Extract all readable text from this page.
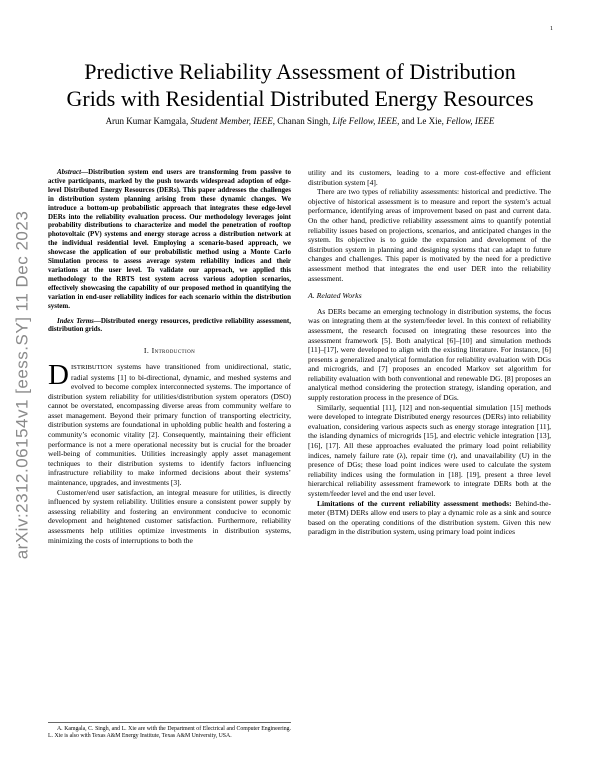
1
arXiv:2312.06154v1 [eess.SY] 11 Dec 2023
Predictive Reliability Assessment of Distribution
Grids with Residential Distributed Energy Resources
Arun Kumar Kamgala, Student Member, IEEE, Chanan Singh, Life Fellow, IEEE, and Le Xie, Fellow, IEEE

Abstract—Distribution system end users are transforming from passive to active participants, marked by the push towards widespread adoption of edge-level Distributed Energy Resources (DERs). This paper addresses the challenges in distribution system planning arising from these dynamic changes. We introduce a bottom-up probabilistic approach that integrates these edge-level DERs into the reliability evaluation process. Our methodology leverages joint probability distributions to characterize and model the penetration of rooftop photovoltaic (PV) systems and energy storage across a distribution network at the individual residential level. Employing a scenario-based approach, we showcase the application of our probabilistic method using a Monte Carlo Simulation process to assess average system reliability indices and their variations at the user level. To validate our approach, we applied this methodology to the RBTS test system across various adoption scenarios, effectively showcasing the capability of our proposed method in quantifying the variation in end-user reliability indices for each scenario within the distribution system.

Index Terms—Distributed energy resources, predictive reliability assessment, distribution grids.

I. Introduction

DISTRIBUTION systems have transitioned from unidirectional, static, radial systems [1] to bi-directional, dynamic, and meshed systems and evolved to become complex interconnected systems. The importance of distribution system reliability for utilities/distribution system operators (DSO) cannot be overstated, encompassing diverse areas from community welfare to asset management. Beyond their primary function of transporting electricity, distribution systems are foundational in upholding public health and fostering a community’s economic vitality [2]. Consequently, maintaining their efficient performance is not a mere operational necessity but is crucial for the broader well-being of communities. Utilities increasingly apply asset management techniques to their distribution systems to identify factors influencing infrastructure reliability to make informed decisions about their systems’ maintenance, upgrades, and investments [3].

Customer/end user satisfaction, an integral measure for utilities, is directly influenced by system reliability. Utilities ensure a consistent power supply by assessing reliability and fostering an environment conducive to economic development and heightened customer satisfaction. Furthermore, reliability assessments help utilities optimize investments in distribution systems, minimizing the costs of interruptions to both the

A. Kamgala, C. Singh, and L. Xie are with the Department of Electrical and Computer Engineering. L. Xie is also with Texas A&M Energy Institute, Texas A&M University, USA.

utility and its customers, leading to a more cost-effective and efficient distribution system [4].

There are two types of reliability assessments: historical and predictive. The objective of historical assessment is to measure and report the system’s actual performance, identifying areas of improvement based on past and current data. On the other hand, predictive reliability assessment aims to quantify potential reliability issues based on projections, scenarios, and anticipated changes in the system. Its objective is to guide the expansion and development of the distribution system in planning and designing systems that can adapt to future changes and challenges. This paper is motivated by the need for a predictive assessment method that integrates the end user DER into the reliability assessment.

A. Related Works

As DERs became an emerging technology in distribution systems, the focus was on integrating them at the system/feeder level. In this context of reliability assessment, the research focused on integrating these resources into the assessment framework [5]. Both analytical [6]–[10] and simulation methods [11]–[17], were developed to align with the existing literature. For instance, [6] presents a generalized analytical formulation for reliability evaluation with DGs and microgrids, and [7] proposes an encoded Markov set algorithm for reliability evaluation with both conventional and renewable DG. [8] proposes an analytical method considering the protection strategy, islanding operation, and supply restoration process in the presence of DGs.

Similarly, sequential [11], [12] and non-sequential simulation [15] methods were developed to integrate Distributed energy resources (DERs) into reliability evaluation, considering various aspects such as energy storage integration [11], the islanding dynamics of microgrids [15], and electric vehicle integration [13], [16], [17]. All these approaches evaluated the primary load point reliability indices, namely failure rate (λ), repair time (r), and unavailability (U) in the presence of DGs; these load point indices were used to calculate the system reliability indices using the formulation in [18]. [19], present a three level hierarchical reliability assessment framework to integrate DERs both at the system/feeder level and the end user level.

Limitations of the current reliability assessment methods: Behind-the-meter (BTM) DERs allow end users to play a dynamic role as a sink and source based on the operating conditions of the distribution system. Given this new paradigm in the distribution system, using primary load point indices
